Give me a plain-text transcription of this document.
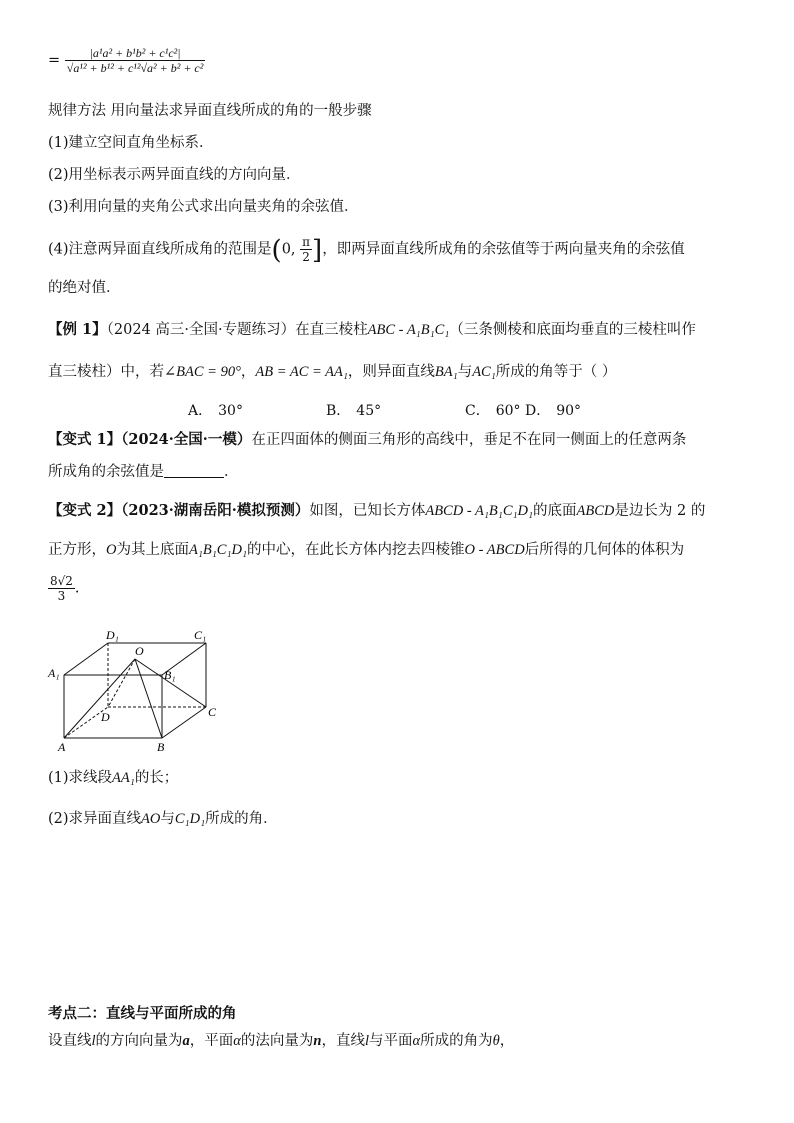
= $\frac{\text{|a¹a² + b¹b² + c¹c²|}}{\text{√a¹² + b¹² + c¹²√a² + b² + c²}}$
规律方法 用向量法求异面直线所成的角的一般步骤
(1)建立空间直角坐标系．
(2)用坐标表示两异面直线的方向向量．
(3)利用向量的夹角公式求出向量夹角的余弦值．
(4)注意两异面直线所成角的范围是(0, $\frac{\pi}{2}$ ]，即两异面直线所成角的余弦值等于两向量夹角的余弦值
的绝对值．
【例 1】（2024 高三·全国·专题练习）在直三棱柱ABC - A₁B₁C₁（三条侧棱和底面均垂直的三棱柱叫作
直三棱柱）中，若∠BAC = 90°，AB = AC = AA₁，则异面直线BA₁与AC₁所成的角等于（ ）
A． 30°	B． 45°	C． 60° D． 90°
【变式 1】（2024·全国·一模）在正四面体的侧面三角形的高线中，垂足不在同一侧面上的任意两条
所成角的余弦值是	．
【变式 2】（2023·湖南岳阳·模拟预测）如图，已知长方体ABCD - A₁B₁C₁D₁的底面ABCD是边长为 2 的
正方形，O为其上底面A₁B₁C₁D₁的中心，在此长方体内挖去四棱锥O - ABCD后所得的几何体的体积为
$\frac{8√2}{3}$ .
A	B
C
D
A₁	B₁
C₁
D₁
O
(1)求线段AA₁的长；
(2)求异面直线AO与C₁D₁所成的角．
考点二：直线与平面所成的角
设直线l的方向向量为a，平面α的法向量为n，直线l与平面α所成的角为θ，
